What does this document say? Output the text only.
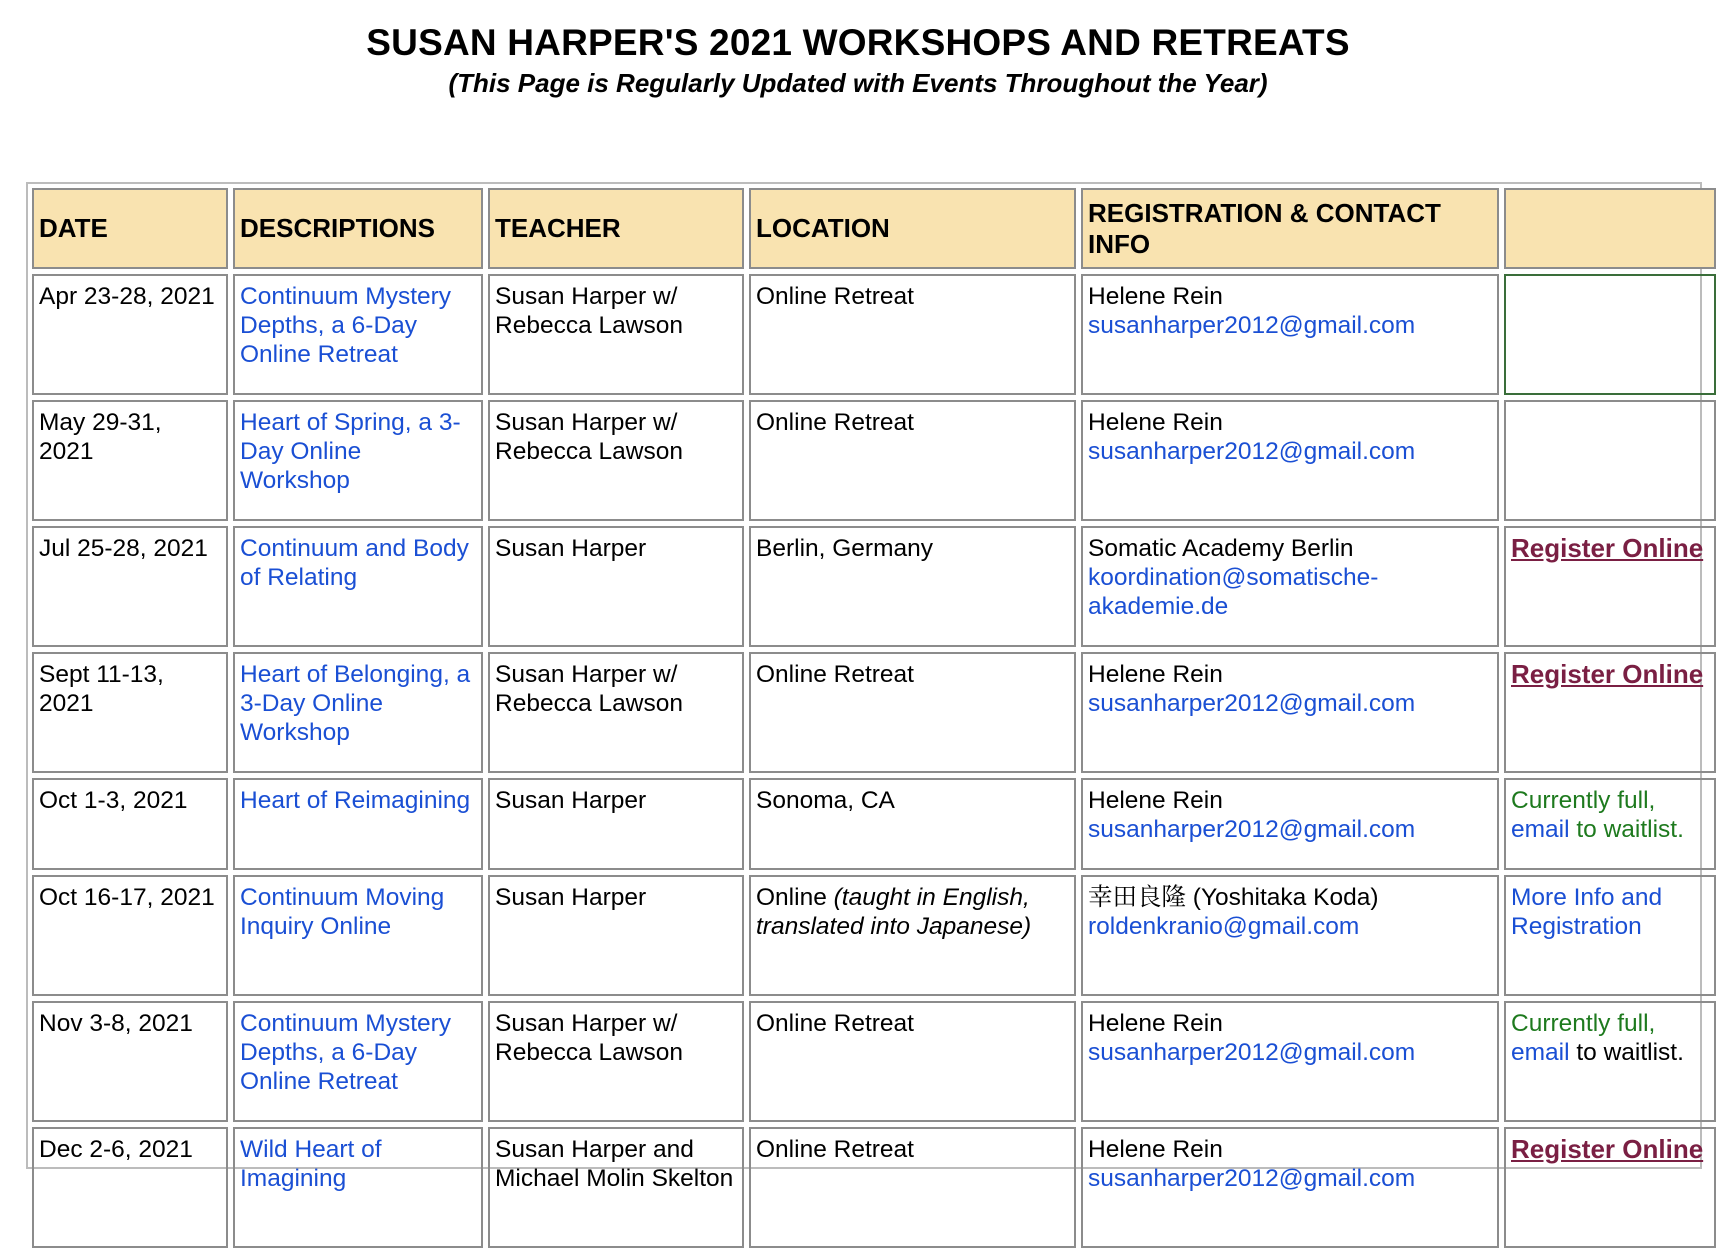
SUSAN HARPER'S 2021 WORKSHOPS AND RETREATS

(This Page is Regularly Updated with Events Throughout the Year)

DATE	DESCRIPTIONS	TEACHER	LOCATION	REGISTRATION & CONTACT INFO	
Apr 23-28, 2021	Continuum Mystery Depths, a 6-Day Online Retreat	Susan Harper w/ Rebecca Lawson	Online Retreat	Helene Rein
susanharper2012@gmail.com	

May 29-31, 2021	Heart of Spring, a 3-Day Online Workshop	Susan Harper w/ Rebecca Lawson	Online Retreat	Helene Rein
susanharper2012@gmail.com	

Jul 25-28, 2021	Continuum and Body of Relating	Susan Harper	Berlin, Germany	Somatic Academy Berlin
koordination@somatische-akademie.de	Register Online
Sept 11-13, 2021	Heart of Belonging, a 3-Day Online Workshop	Susan Harper w/ Rebecca Lawson	Online Retreat	Helene Rein
susanharper2012@gmail.com	Register Online
Oct 1-3, 2021	Heart of Reimagining	Susan Harper	Sonoma, CA	Helene Rein
susanharper2012@gmail.com	Currently full,
email to waitlist.

Oct 16-17, 2021	Continuum Moving Inquiry Online	Susan Harper	Online (taught in English, translated into Japanese)	幸田良隆 (Yoshitaka Koda)
roldenkranio@gmail.com	More Info and Registration
Nov 3-8, 2021	Continuum Mystery Depths, a 6-Day Online Retreat	Susan Harper w/ Rebecca Lawson	Online Retreat	Helene Rein
susanharper2012@gmail.com	Currently full,
email to waitlist.

Dec 2-6, 2021	Wild Heart of Imagining	Susan Harper and Michael Molin Skelton	Online Retreat	Helene Rein
susanharper2012@gmail.com	Register Online
